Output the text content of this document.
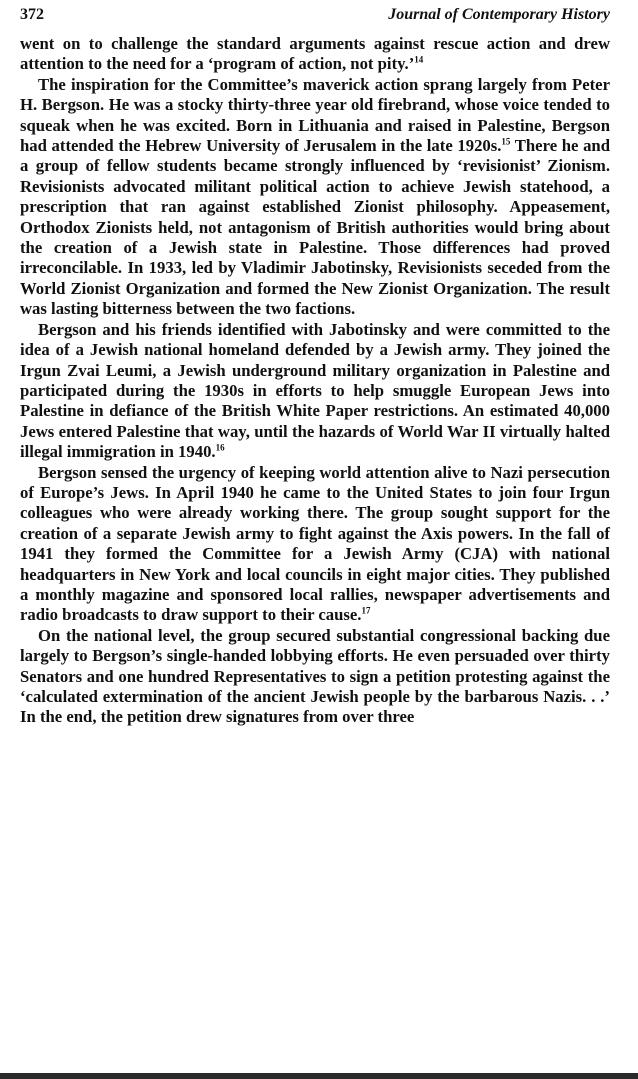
372	Journal of Contemporary History

went on to challenge the standard arguments against rescue action and drew attention to the need for a ‘program of action, not pity.’$^{14}$

The inspiration for the Committee’s maverick action sprang largely from Peter H. Bergson. He was a stocky thirty-three year old firebrand, whose voice tended to squeak when he was excited. Born in Lithuania and raised in Palestine, Bergson had attended the Hebrew University of Jerusalem in the late 1920s.$^{15}$ There he and a group of fellow students became strongly influenced by ‘revisionist’ Zionism. Revisionists advocated militant political action to achieve Jewish statehood, a prescription that ran against established Zionist philosophy. Appeasement, Orthodox Zionists held, not antagonism of British authorities would bring about the creation of a Jewish state in Palestine. Those differences had proved irreconcilable. In 1933, led by Vladimir Jabotinsky, Revisionists seceded from the World Zionist Organization and formed the New Zionist Organization. The result was lasting bitterness between the two factions.

Bergson and his friends identified with Jabotinsky and were committed to the idea of a Jewish national homeland defended by a Jewish army. They joined the Irgun Zvai Leumi, a Jewish underground military organization in Palestine and participated during the 1930s in efforts to help smuggle European Jews into Palestine in defiance of the British White Paper restrictions. An estimated 40,000 Jews entered Palestine that way, until the hazards of World War II virtually halted illegal immigration in 1940.16

Bergson sensed the urgency of keeping world attention alive to Nazi persecution of Europe’s Jews. In April 1940 he came to the United States to join four Irgun colleagues who were already working there. The group sought support for the creation of a separate Jewish army to fight against the Axis powers. In the fall of 1941 they formed the Committee for a Jewish Army (CJA) with national headquarters in New York and local councils in eight major cities. They published a monthly magazine and sponsored local rallies, newspaper advertisements and radio broadcasts to draw support to their cause.$^{17}$

On the national level, the group secured substantial congressional backing due largely to Bergson’s single-handed lobbying efforts. He even persuaded over thirty Senators and one hundred Representatives to sign a petition protesting against the ‘calculated extermination of the ancient Jewish people by the barbarous Nazis. . .’ In the end, the petition drew signatures from over three
